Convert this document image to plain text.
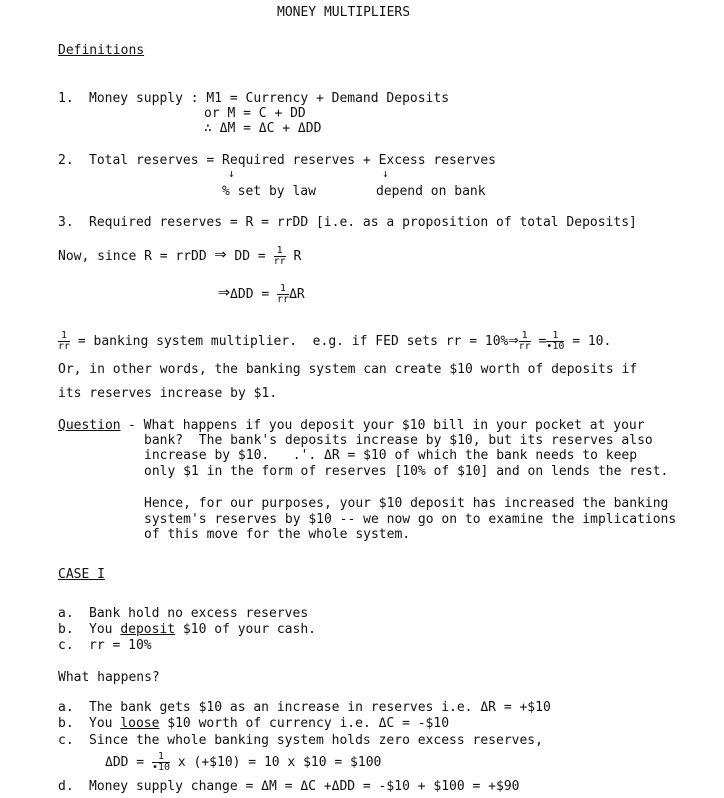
MONEY MULTIPLIERS
Definitions
1. Money supply : M1 = Currency + Demand Deposits
or M = C + DD
∴ ΔM = ΔC + ΔDD
2. Total reserves = Required reserves + Excess reserves
↓	↓
% set by law	depend on bank
3. Required reserves = R = rrDD [i.e. as a proposition of total Deposits]
Now, since R = rrDD ⇒ DD = $\frac{1}{rr}$ R
⇒ΔDD = $\frac{1}{rr}$ ΔR
$\frac{1}{rr}$ = banking system multiplier.  e.g. if FED sets rr = 10%⇒ $\frac{1}{rr} = \frac{1}{•10} = 10$.
Or, in other words, the banking system can create $10 worth of deposits if
its reserves increase by $1.
Question - What happens if you deposit your $10 bill in your pocket at your
bank?  The bank's deposits increase by $10, but its reserves also
increase by $10.   .'. ΔR = $10 of which the bank needs to keep
only $1 in the form of reserves [10% of $10] and on lends the rest.
Hence, for our purposes, your $10 deposit has increased the banking
system's reserves by $10 -- we now go on to examine the implications
of this move for the whole system.
CASE I
a. Bank hold no excess reserves
b. You deposit $10 of your cash.
c. rr = 10%
What happens?
a. The bank gets $10 as an increase in reserves i.e. ΔR = +$10
b. You loose $10 worth of currency i.e. ΔC = -$10
c. Since the whole banking system holds zero excess reserves,
$\Delta DD = \frac{1}{•10}$ x (+$10) = 10 x $10 = $100
d. Money supply change = ΔM = ΔC +ΔDD = -$10 + $100 = +$90
